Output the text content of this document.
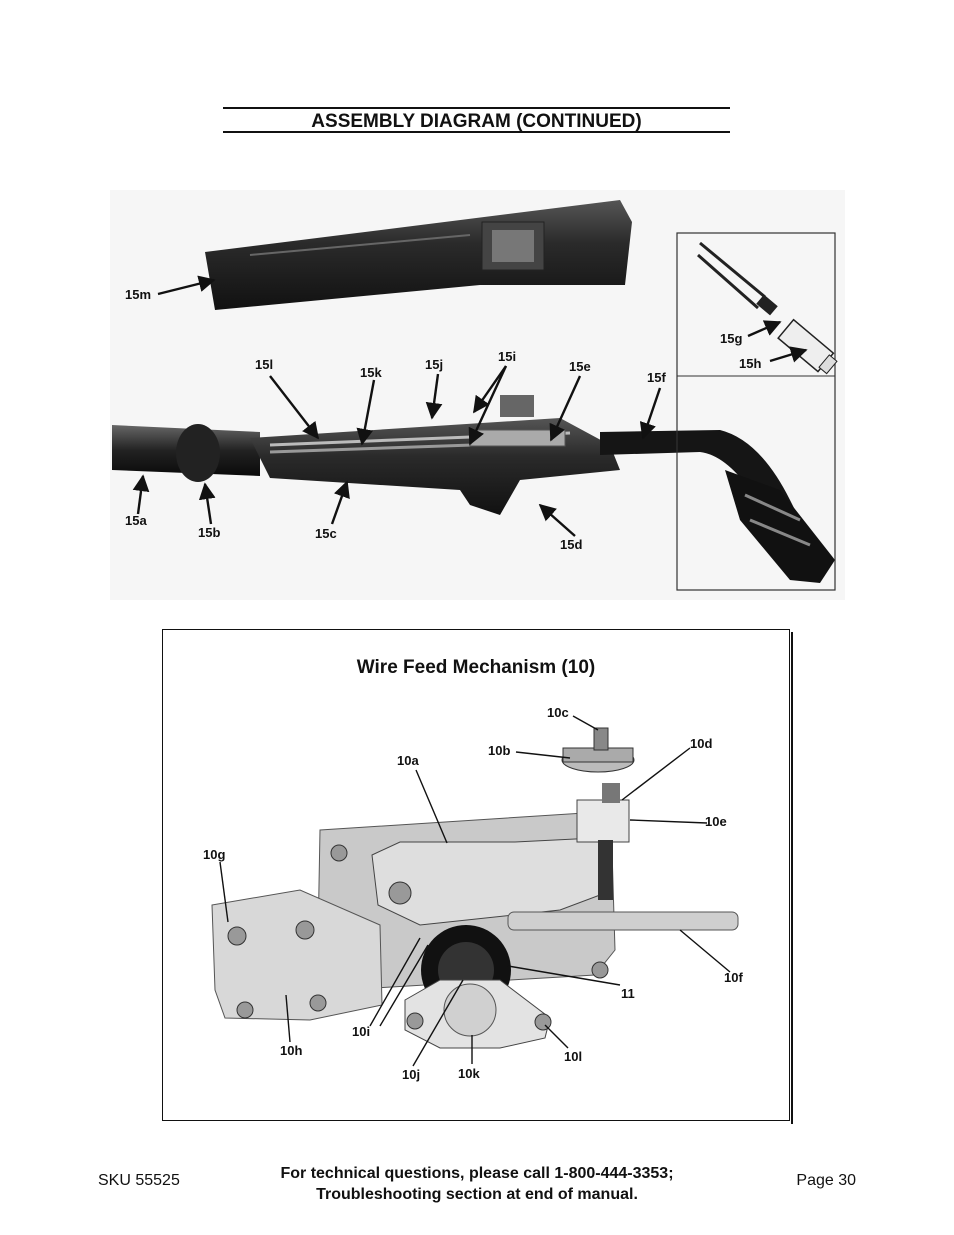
ASSEMBLY DIAGRAM (CONTINUED)
15m
15l
15k
15j
15i
15e
15f
15g
15h
15a
15b	15c
15d
Wire Feed Mechanism (10)
10c
10b	10d
10a
10e
10g
10f
11
10i
10h	10l
10j	10k
SKU 55525	For technical questions, please call 1-800-444-3353;
Troubleshooting section at end of manual.
Page 30
